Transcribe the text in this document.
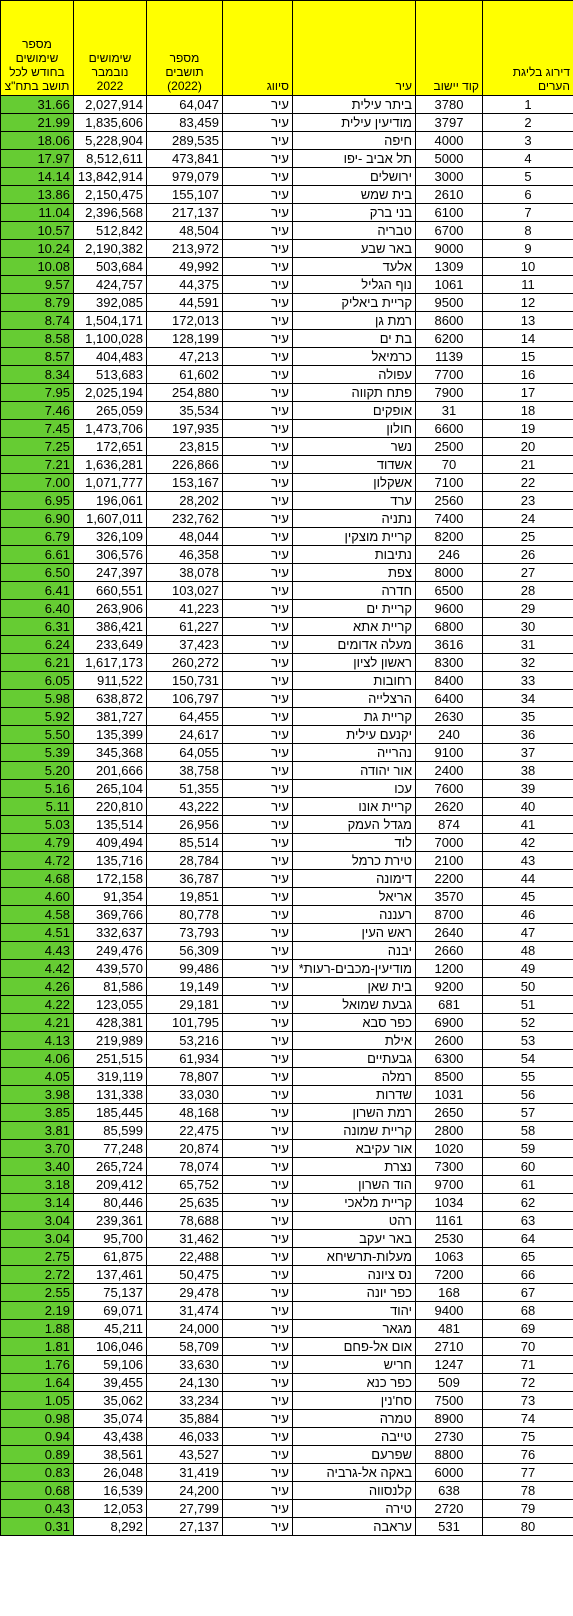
מספר שימושים בחודש לכל תושב בתח"צ	שימושים נובמבר 2022	מספר תושבים (2022)	סיווג	עיר	קוד יישוב	דירוג בליגת הערים
31.66	2,027,914	64,047	עיר	ביתר עילית	3780	1
21.99	1,835,606	83,459	עיר	מודיעין עילית	3797	2
18.06	5,228,904	289,535	עיר	חיפה	4000	3
17.97	8,512,611	473,841	עיר	תל אביב -יפו	5000	4
14.14	13,842,914	979,079	עיר	ירושלים	3000	5
13.86	2,150,475	155,107	עיר	בית שמש	2610	6
11.04	2,396,568	217,137	עיר	בני ברק	6100	7
10.57	512,842	48,504	עיר	טבריה	6700	8
10.24	2,190,382	213,972	עיר	באר שבע	9000	9
10.08	503,684	49,992	עיר	אלעד	1309	10
9.57	424,757	44,375	עיר	נוף הגליל	1061	11
8.79	392,085	44,591	עיר	קריית ביאליק	9500	12
8.74	1,504,171	172,013	עיר	רמת גן	8600	13
8.58	1,100,028	128,199	עיר	בת ים	6200	14
8.57	404,483	47,213	עיר	כרמיאל	1139	15
8.34	513,683	61,602	עיר	עפולה	7700	16
7.95	2,025,194	254,880	עיר	פתח תקווה	7900	17
7.46	265,059	35,534	עיר	אופקים	31	18
7.45	1,473,706	197,935	עיר	חולון	6600	19
7.25	172,651	23,815	עיר	נשר	2500	20
7.21	1,636,281	226,866	עיר	אשדוד	70	21
7.00	1,071,777	153,167	עיר	אשקלון	7100	22
6.95	196,061	28,202	עיר	ערד	2560	23
6.90	1,607,011	232,762	עיר	נתניה	7400	24
6.79	326,109	48,044	עיר	קריית מוצקין	8200	25
6.61	306,576	46,358	עיר	נתיבות	246	26
6.50	247,397	38,078	עיר	צפת	8000	27
6.41	660,551	103,027	עיר	חדרה	6500	28
6.40	263,906	41,223	עיר	קריית ים	9600	29
6.31	386,421	61,227	עיר	קריית אתא	6800	30
6.24	233,649	37,423	עיר	מעלה אדומים	3616	31
6.21	1,617,173	260,272	עיר	ראשון לציון	8300	32
6.05	911,522	150,731	עיר	רחובות	8400	33
5.98	638,872	106,797	עיר	הרצלייה	6400	34
5.92	381,727	64,455	עיר	קריית גת	2630	35
5.50	135,399	24,617	עיר	יקנעם עילית	240	36
5.39	345,368	64,055	עיר	נהרייה	9100	37
5.20	201,666	38,758	עיר	אור יהודה	2400	38
5.16	265,104	51,355	עיר	עכו	7600	39
5.11	220,810	43,222	עיר	קריית אונו	2620	40
5.03	135,514	26,956	עיר	מגדל העמק	874	41
4.79	409,494	85,514	עיר	לוד	7000	42
4.72	135,716	28,784	עיר	טירת כרמל	2100	43
4.68	172,158	36,787	עיר	דימונה	2200	44
4.60	91,354	19,851	עיר	אריאל	3570	45
4.58	369,766	80,778	עיר	רעננה	8700	46
4.51	332,637	73,793	עיר	ראש העין	2640	47
4.43	249,476	56,309	עיר	יבנה	2660	48
4.42	439,570	99,486	עיר	מודיעין-מכבים-רעות*	1200	49
4.26	81,586	19,149	עיר	בית שאן	9200	50
4.22	123,055	29,181	עיר	גבעת שמואל	681	51
4.21	428,381	101,795	עיר	כפר סבא	6900	52
4.13	219,989	53,216	עיר	אילת	2600	53
4.06	251,515	61,934	עיר	גבעתיים	6300	54
4.05	319,119	78,807	עיר	רמלה	8500	55
3.98	131,338	33,030	עיר	שדרות	1031	56
3.85	185,445	48,168	עיר	רמת השרון	2650	57
3.81	85,599	22,475	עיר	קריית שמונה	2800	58
3.70	77,248	20,874	עיר	אור עקיבא	1020	59
3.40	265,724	78,074	עיר	נצרת	7300	60
3.18	209,412	65,752	עיר	הוד השרון	9700	61
3.14	80,446	25,635	עיר	קריית מלאכי	1034	62
3.04	239,361	78,688	עיר	רהט	1161	63
3.04	95,700	31,462	עיר	באר יעקב	2530	64
2.75	61,875	22,488	עיר	מעלות-תרשיחא	1063	65
2.72	137,461	50,475	עיר	נס ציונה	7200	66
2.55	75,137	29,478	עיר	כפר יונה	168	67
2.19	69,071	31,474	עיר	יהוד	9400	68
1.88	45,211	24,000	עיר	מגאר	481	69
1.81	106,046	58,709	עיר	אום אל-פחם	2710	70
1.76	59,106	33,630	עיר	חריש	1247	71
1.64	39,455	24,130	עיר	כפר כנא	509	72
1.05	35,062	33,234	עיר	סח'נין	7500	73
0.98	35,074	35,884	עיר	טמרה	8900	74
0.94	43,438	46,033	עיר	טייבה	2730	75
0.89	38,561	43,527	עיר	שפרעם	8800	76
0.83	26,048	31,419	עיר	באקה אל-גרביה	6000	77
0.68	16,539	24,200	עיר	קלנסווה	638	78
0.43	12,053	27,799	עיר	טירה	2720	79
0.31	8,292	27,137	עיר	עראבה	531	80
